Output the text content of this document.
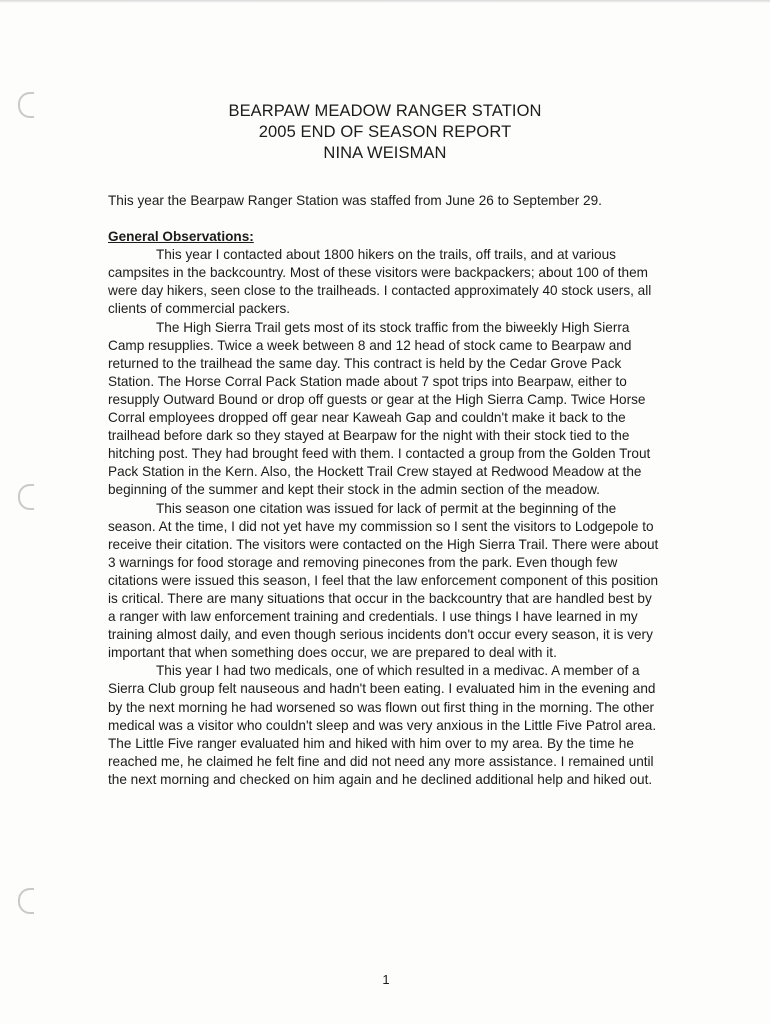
BEARPAW MEADOW RANGER STATION
2005 END OF SEASON REPORT
NINA WEISMAN

This year the Bearpaw Ranger Station was staffed from June 26 to September 29.

General Observations:

This year I contacted about 1800 hikers on the trails, off trails, and at various campsites in the backcountry. Most of these visitors were backpackers; about 100 of them were day hikers, seen close to the trailheads. I contacted approximately 40 stock users, all clients of commercial packers.

The High Sierra Trail gets most of its stock traffic from the biweekly High Sierra Camp resupplies. Twice a week between 8 and 12 head of stock came to Bearpaw and returned to the trailhead the same day. This contract is held by the Cedar Grove Pack Station. The Horse Corral Pack Station made about 7 spot trips into Bearpaw, either to resupply Outward Bound or drop off guests or gear at the High Sierra Camp. Twice Horse Corral employees dropped off gear near Kaweah Gap and couldn't make it back to the trailhead before dark so they stayed at Bearpaw for the night with their stock tied to the hitching post. They had brought feed with them. I contacted a group from the Golden Trout Pack Station in the Kern. Also, the Hockett Trail Crew stayed at Redwood Meadow at the beginning of the summer and kept their stock in the admin section of the meadow.

This season one citation was issued for lack of permit at the beginning of the season. At the time, I did not yet have my commission so I sent the visitors to Lodgepole to receive their citation. The visitors were contacted on the High Sierra Trail. There were about 3 warnings for food storage and removing pinecones from the park. Even though few citations were issued this season, I feel that the law enforcement component of this position is critical. There are many situations that occur in the backcountry that are handled best by a ranger with law enforcement training and credentials. I use things I have learned in my training almost daily, and even though serious incidents don't occur every season, it is very important that when something does occur, we are prepared to deal with it.

This year I had two medicals, one of which resulted in a medivac. A member of a Sierra Club group felt nauseous and hadn't been eating. I evaluated him in the evening and by the next morning he had worsened so was flown out first thing in the morning. The other medical was a visitor who couldn't sleep and was very anxious in the Little Five Patrol area. The Little Five ranger evaluated him and hiked with him over to my area. By the time he reached me, he claimed he felt fine and did not need any more assistance. I remained until the next morning and checked on him again and he declined additional help and hiked out.

1
